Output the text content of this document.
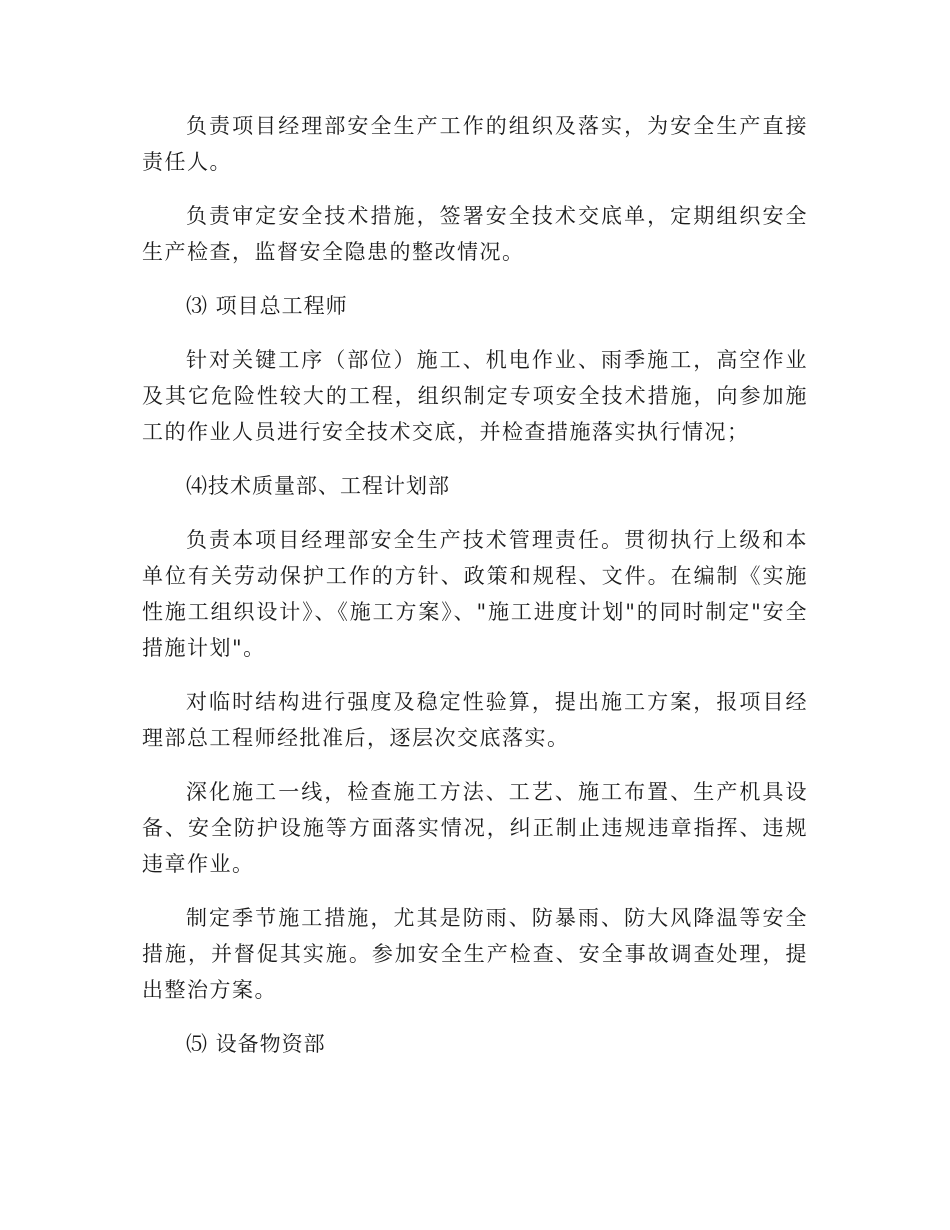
负责项目经理部安全生产工作的组织及落实，为安全生产直接责任人。

负责审定安全技术措施，签署安全技术交底单，定期组织安全生产检查，监督安全隐患的整改情况。

⑶ 项目总工程师

针对关键工序（部位）施工、机电作业、雨季施工，高空作业及其它危险性较大的工程，组织制定专项安全技术措施，向参加施工的作业人员进行安全技术交底，并检查措施落实执行情况；

⑷技术质量部、工程计划部

负责本项目经理部安全生产技术管理责任。贯彻执行上级和本单位有关劳动保护工作的方针、政策和规程、文件。在编制《实施性施工组织设计》、《施工方案》、"施工进度计划"的同时制定"安全措施计划"。

对临时结构进行强度及稳定性验算，提出施工方案，报项目经理部总工程师经批准后，逐层次交底落实。

深化施工一线，检查施工方法、工艺、施工布置、生产机具设备、安全防护设施等方面落实情况，纠正制止违规违章指挥、违规违章作业。

制定季节施工措施，尤其是防雨、防暴雨、防大风降温等安全措施，并督促其实施。参加安全生产检查、安全事故调查处理，提出整治方案。

⑸ 设备物资部
